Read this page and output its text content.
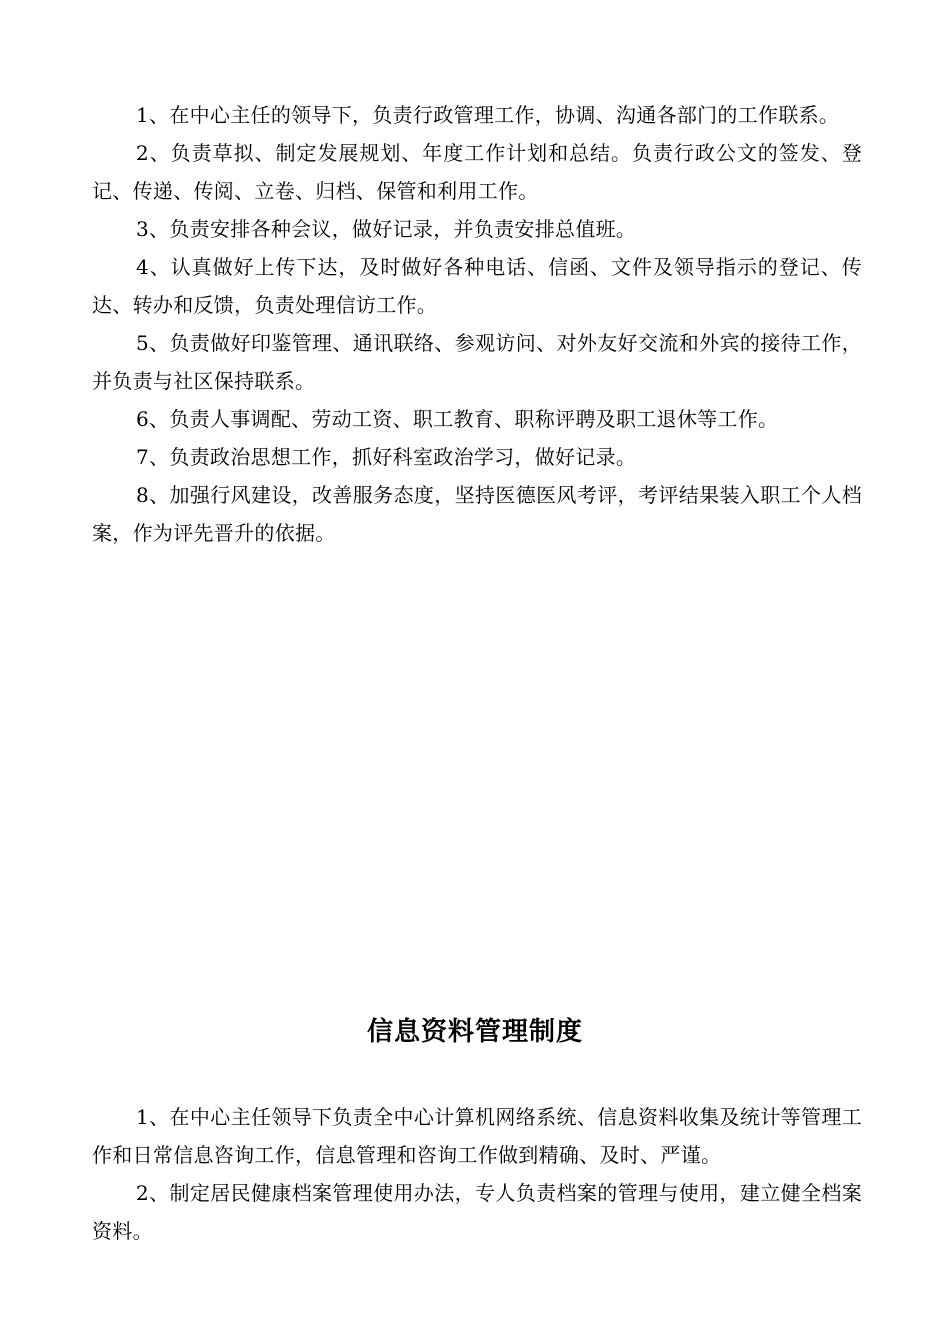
1、在中心主任的领导下，负责行政管理工作，协调、沟通各部门的工作联系。

2、负责草拟、制定发展规划、年度工作计划和总结。负责行政公文的签发、登记、传递、传阅、立卷、归档、保管和利用工作。

3、负责安排各种会议，做好记录，并负责安排总值班。

4、认真做好上传下达，及时做好各种电话、信函、文件及领导指示的登记、传达、转办和反馈，负责处理信访工作。

5、负责做好印鉴管理、通讯联络、参观访问、对外友好交流和外宾的接待工作，并负责与社区保持联系。

6、负责人事调配、劳动工资、职工教育、职称评聘及职工退休等工作。

7、负责政治思想工作，抓好科室政治学习，做好记录。

8、加强行风建设，改善服务态度，坚持医德医风考评，考评结果装入职工个人档案，作为评先晋升的依据。

信息资料管理制度

1、在中心主任领导下负责全中心计算机网络系统、信息资料收集及统计等管理工作和日常信息咨询工作，信息管理和咨询工作做到精确、及时、严谨。

2、制定居民健康档案管理使用办法，专人负责档案的管理与使用，建立健全档案资料。
